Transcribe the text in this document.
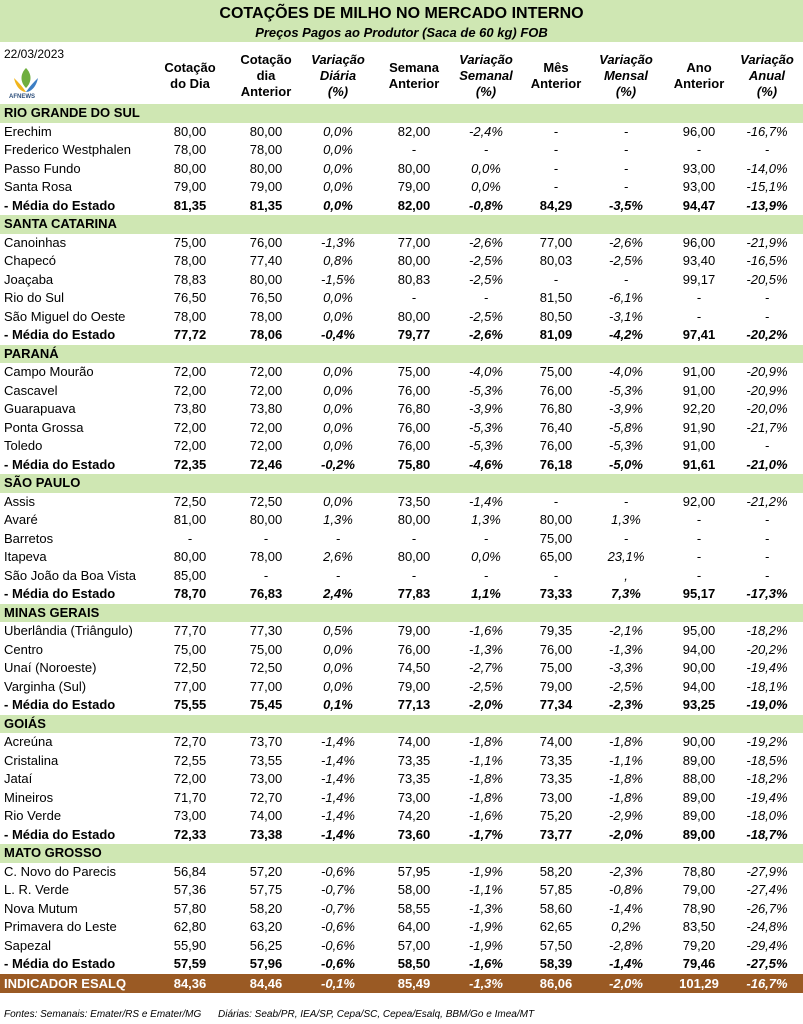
COTAÇÕES DE MILHO NO MERCADO INTERNO
Preços Pagos ao Produtor (Saca de 60 kg) FOB
22/03/2023
AFNEWS
Cotação
do Dia
Cotação
dia
Anterior
Variação
Diária
(%)
Semana
Anterior
Variação
Semanal
(%)
Mês
Anterior
Variação
Mensal
(%)
Ano
Anterior
Variação
Anual
(%)
RIO GRANDE DO SUL
Erechim	80,00	80,00	0,0%	82,00	-2,4%	-	-	96,00	-16,7%
Frederico Westphalen	78,00	78,00	0,0%	-	-	-	-	-	-
Passo Fundo	80,00	80,00	0,0%	80,00	0,0%	-	-	93,00	-14,0%
Santa Rosa	79,00	79,00	0,0%	79,00	0,0%	-	-	93,00	-15,1%
- Média do Estado	81,35	81,35	0,0%	82,00	-0,8%	84,29	-3,5%	94,47	-13,9%
SANTA CATARINA
Canoinhas	75,00	76,00	-1,3%	77,00	-2,6%	77,00	-2,6%	96,00	-21,9%
Chapecó	78,00	77,40	0,8%	80,00	-2,5%	80,03	-2,5%	93,40	-16,5%
Joaçaba	78,83	80,00	-1,5%	80,83	-2,5%	-	-	99,17	-20,5%
Rio do Sul	76,50	76,50	0,0%	-	-	81,50	-6,1%	-	-
São Miguel do Oeste	78,00	78,00	0,0%	80,00	-2,5%	80,50	-3,1%	-	-
- Média do Estado	77,72	78,06	-0,4%	79,77	-2,6%	81,09	-4,2%	97,41	-20,2%
PARANÁ
Campo Mourão	72,00	72,00	0,0%	75,00	-4,0%	75,00	-4,0%	91,00	-20,9%
Cascavel	72,00	72,00	0,0%	76,00	-5,3%	76,00	-5,3%	91,00	-20,9%
Guarapuava	73,80	73,80	0,0%	76,80	-3,9%	76,80	-3,9%	92,20	-20,0%
Ponta Grossa	72,00	72,00	0,0%	76,00	-5,3%	76,40	-5,8%	91,90	-21,7%
Toledo	72,00	72,00	0,0%	76,00	-5,3%	76,00	-5,3%	91,00	-
- Média do Estado	72,35	72,46	-0,2%	75,80	-4,6%	76,18	-5,0%	91,61	-21,0%
SÃO PAULO
Assis	72,50	72,50	0,0%	73,50	-1,4%	-	-	92,00	-21,2%
Avaré	81,00	80,00	1,3%	80,00	1,3%	80,00	1,3%	-	-
Barretos	-	-	-	-	-	75,00	-	-	-
Itapeva	80,00	78,00	2,6%	80,00	0,0%	65,00	23,1%	-	-
São João da Boa Vista	85,00	-	-	-	-	-	,	-	-
- Média do Estado	78,70	76,83	2,4%	77,83	1,1%	73,33	7,3%	95,17	-17,3%
MINAS GERAIS
Uberlândia (Triângulo)	77,70	77,30	0,5%	79,00	-1,6%	79,35	-2,1%	95,00	-18,2%
Centro	75,00	75,00	0,0%	76,00	-1,3%	76,00	-1,3%	94,00	-20,2%
Unaí (Noroeste)	72,50	72,50	0,0%	74,50	-2,7%	75,00	-3,3%	90,00	-19,4%
Varginha (Sul)	77,00	77,00	0,0%	79,00	-2,5%	79,00	-2,5%	94,00	-18,1%
- Média do Estado	75,55	75,45	0,1%	77,13	-2,0%	77,34	-2,3%	93,25	-19,0%
GOIÁS
Acreúna	72,70	73,70	-1,4%	74,00	-1,8%	74,00	-1,8%	90,00	-19,2%
Cristalina	72,55	73,55	-1,4%	73,35	-1,1%	73,35	-1,1%	89,00	-18,5%
Jataí	72,00	73,00	-1,4%	73,35	-1,8%	73,35	-1,8%	88,00	-18,2%
Mineiros	71,70	72,70	-1,4%	73,00	-1,8%	73,00	-1,8%	89,00	-19,4%
Rio Verde	73,00	74,00	-1,4%	74,20	-1,6%	75,20	-2,9%	89,00	-18,0%
- Média do Estado	72,33	73,38	-1,4%	73,60	-1,7%	73,77	-2,0%	89,00	-18,7%
MATO GROSSO
C. Novo do Parecis	56,84	57,20	-0,6%	57,95	-1,9%	58,20	-2,3%	78,80	-27,9%
L. R. Verde	57,36	57,75	-0,7%	58,00	-1,1%	57,85	-0,8%	79,00	-27,4%
Nova Mutum	57,80	58,20	-0,7%	58,55	-1,3%	58,60	-1,4%	78,90	-26,7%
Primavera do Leste	62,80	63,20	-0,6%	64,00	-1,9%	62,65	0,2%	83,50	-24,8%
Sapezal	55,90	56,25	-0,6%	57,00	-1,9%	57,50	-2,8%	79,20	-29,4%
- Média do Estado	57,59	57,96	-0,6%	58,50	-1,6%	58,39	-1,4%	79,46	-27,5%
INDICADOR ESALQ	84,36	84,46	-0,1%	85,49	-1,3%	86,06	-2,0%	101,29	-16,7%
Fontes: Semanais: Emater/RS e Emater/MG Diárias: Seab/PR, IEA/SP, Cepa/SC, Cepea/Esalq, BBM/Go e Imea/MT
